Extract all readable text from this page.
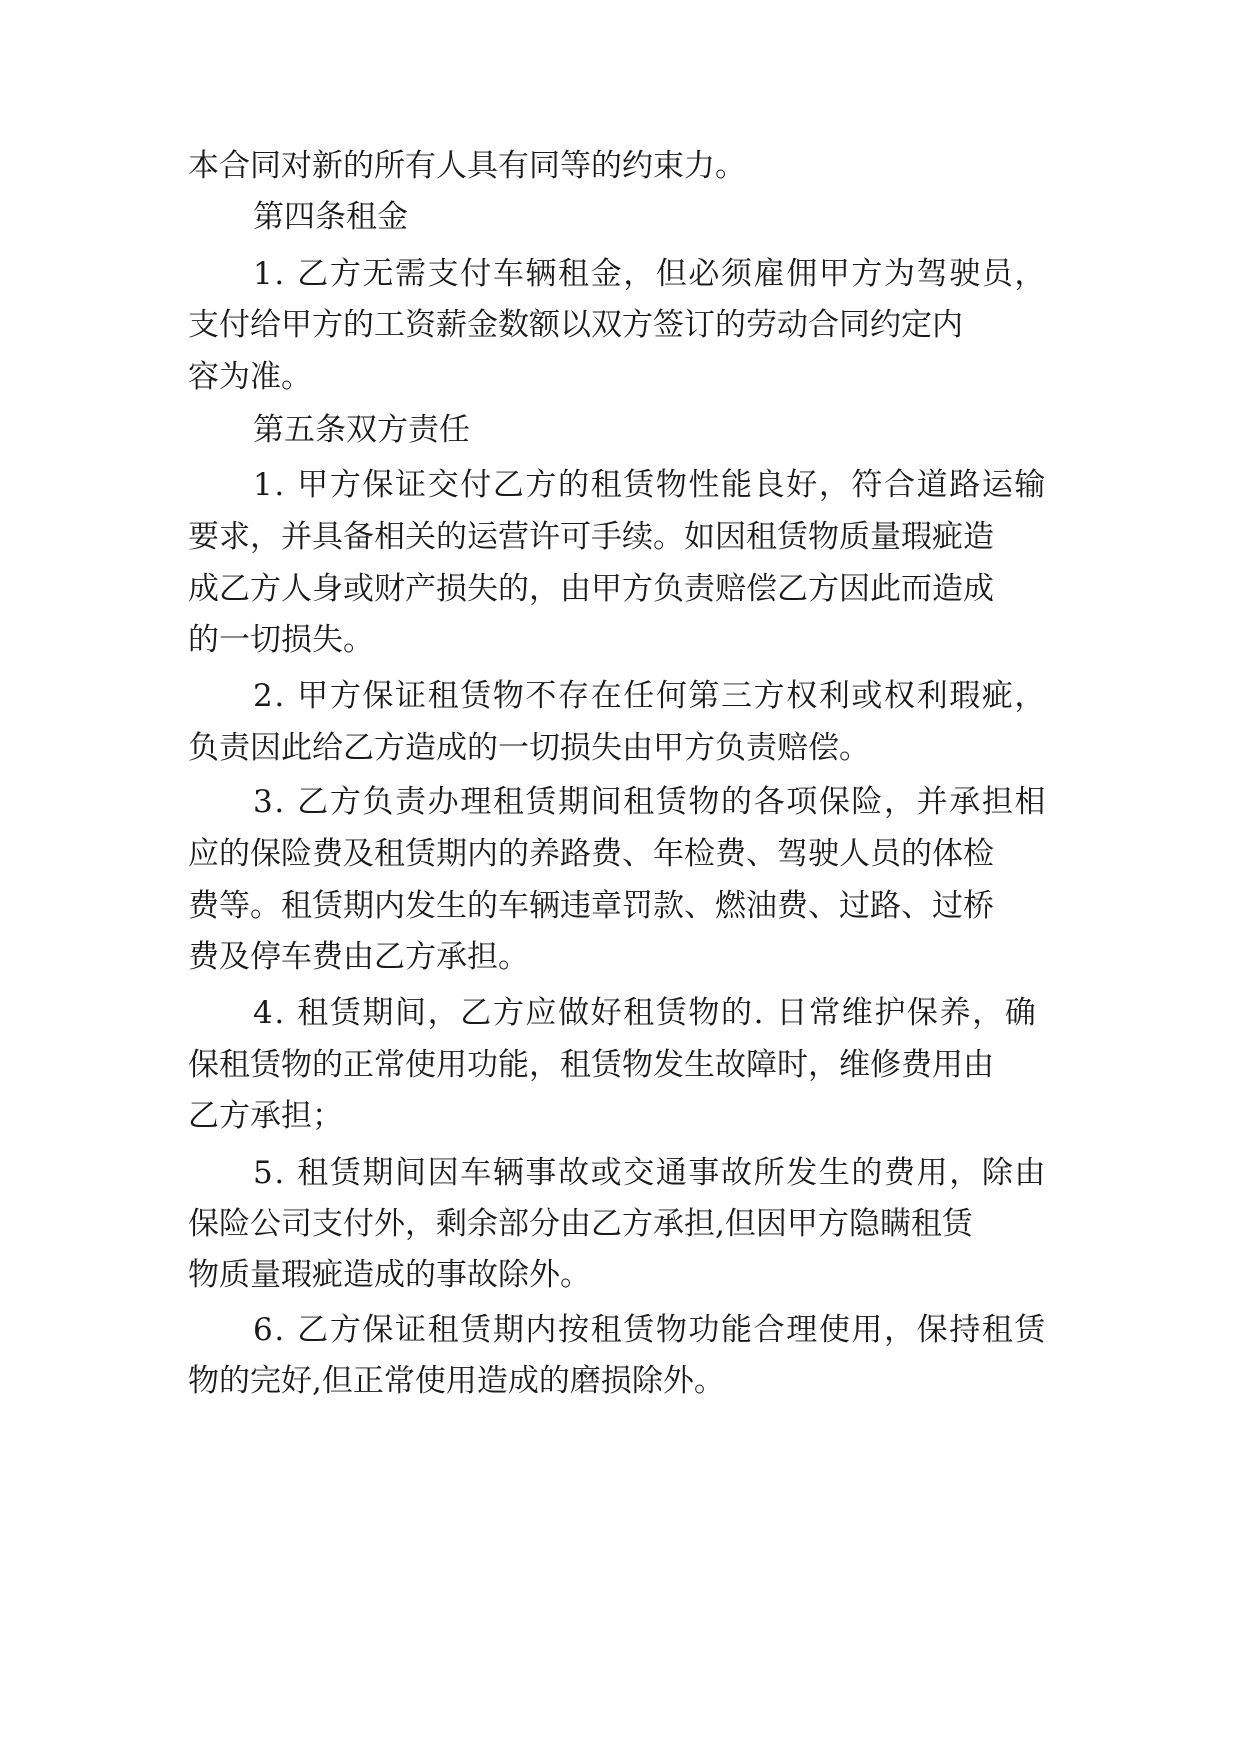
本合同对新的所有人具有同等的约束力。
第四条租金
1. 乙方无需支付车辆租金，但必须雇佣甲方为驾驶员，
支付给甲方的工资薪金数额以双方签订的劳动合同约定内
容为准。
第五条双方责任
1. 甲方保证交付乙方的租赁物性能良好，符合道路运输
要求，并具备相关的运营许可手续。如因租赁物质量瑕疵造
成乙方人身或财产损失的，由甲方负责赔偿乙方因此而造成
的一切损失。
2. 甲方保证租赁物不存在任何第三方权利或权利瑕疵，
负责因此给乙方造成的一切损失由甲方负责赔偿。
3. 乙方负责办理租赁期间租赁物的各项保险，并承担相
应的保险费及租赁期内的养路费、年检费、驾驶人员的体检
费等。租赁期内发生的车辆违章罚款、燃油费、过路、过桥
费及停车费由乙方承担。
4. 租赁期间，乙方应做好租赁物的. 日常维护保养，确
保租赁物的正常使用功能，租赁物发生故障时，维修费用由
乙方承担；
5. 租赁期间因车辆事故或交通事故所发生的费用，除由
保险公司支付外，剩余部分由乙方承担,但因甲方隐瞒租赁
物质量瑕疵造成的事故除外。
6. 乙方保证租赁期内按租赁物功能合理使用，保持租赁
物的完好,但正常使用造成的磨损除外。
